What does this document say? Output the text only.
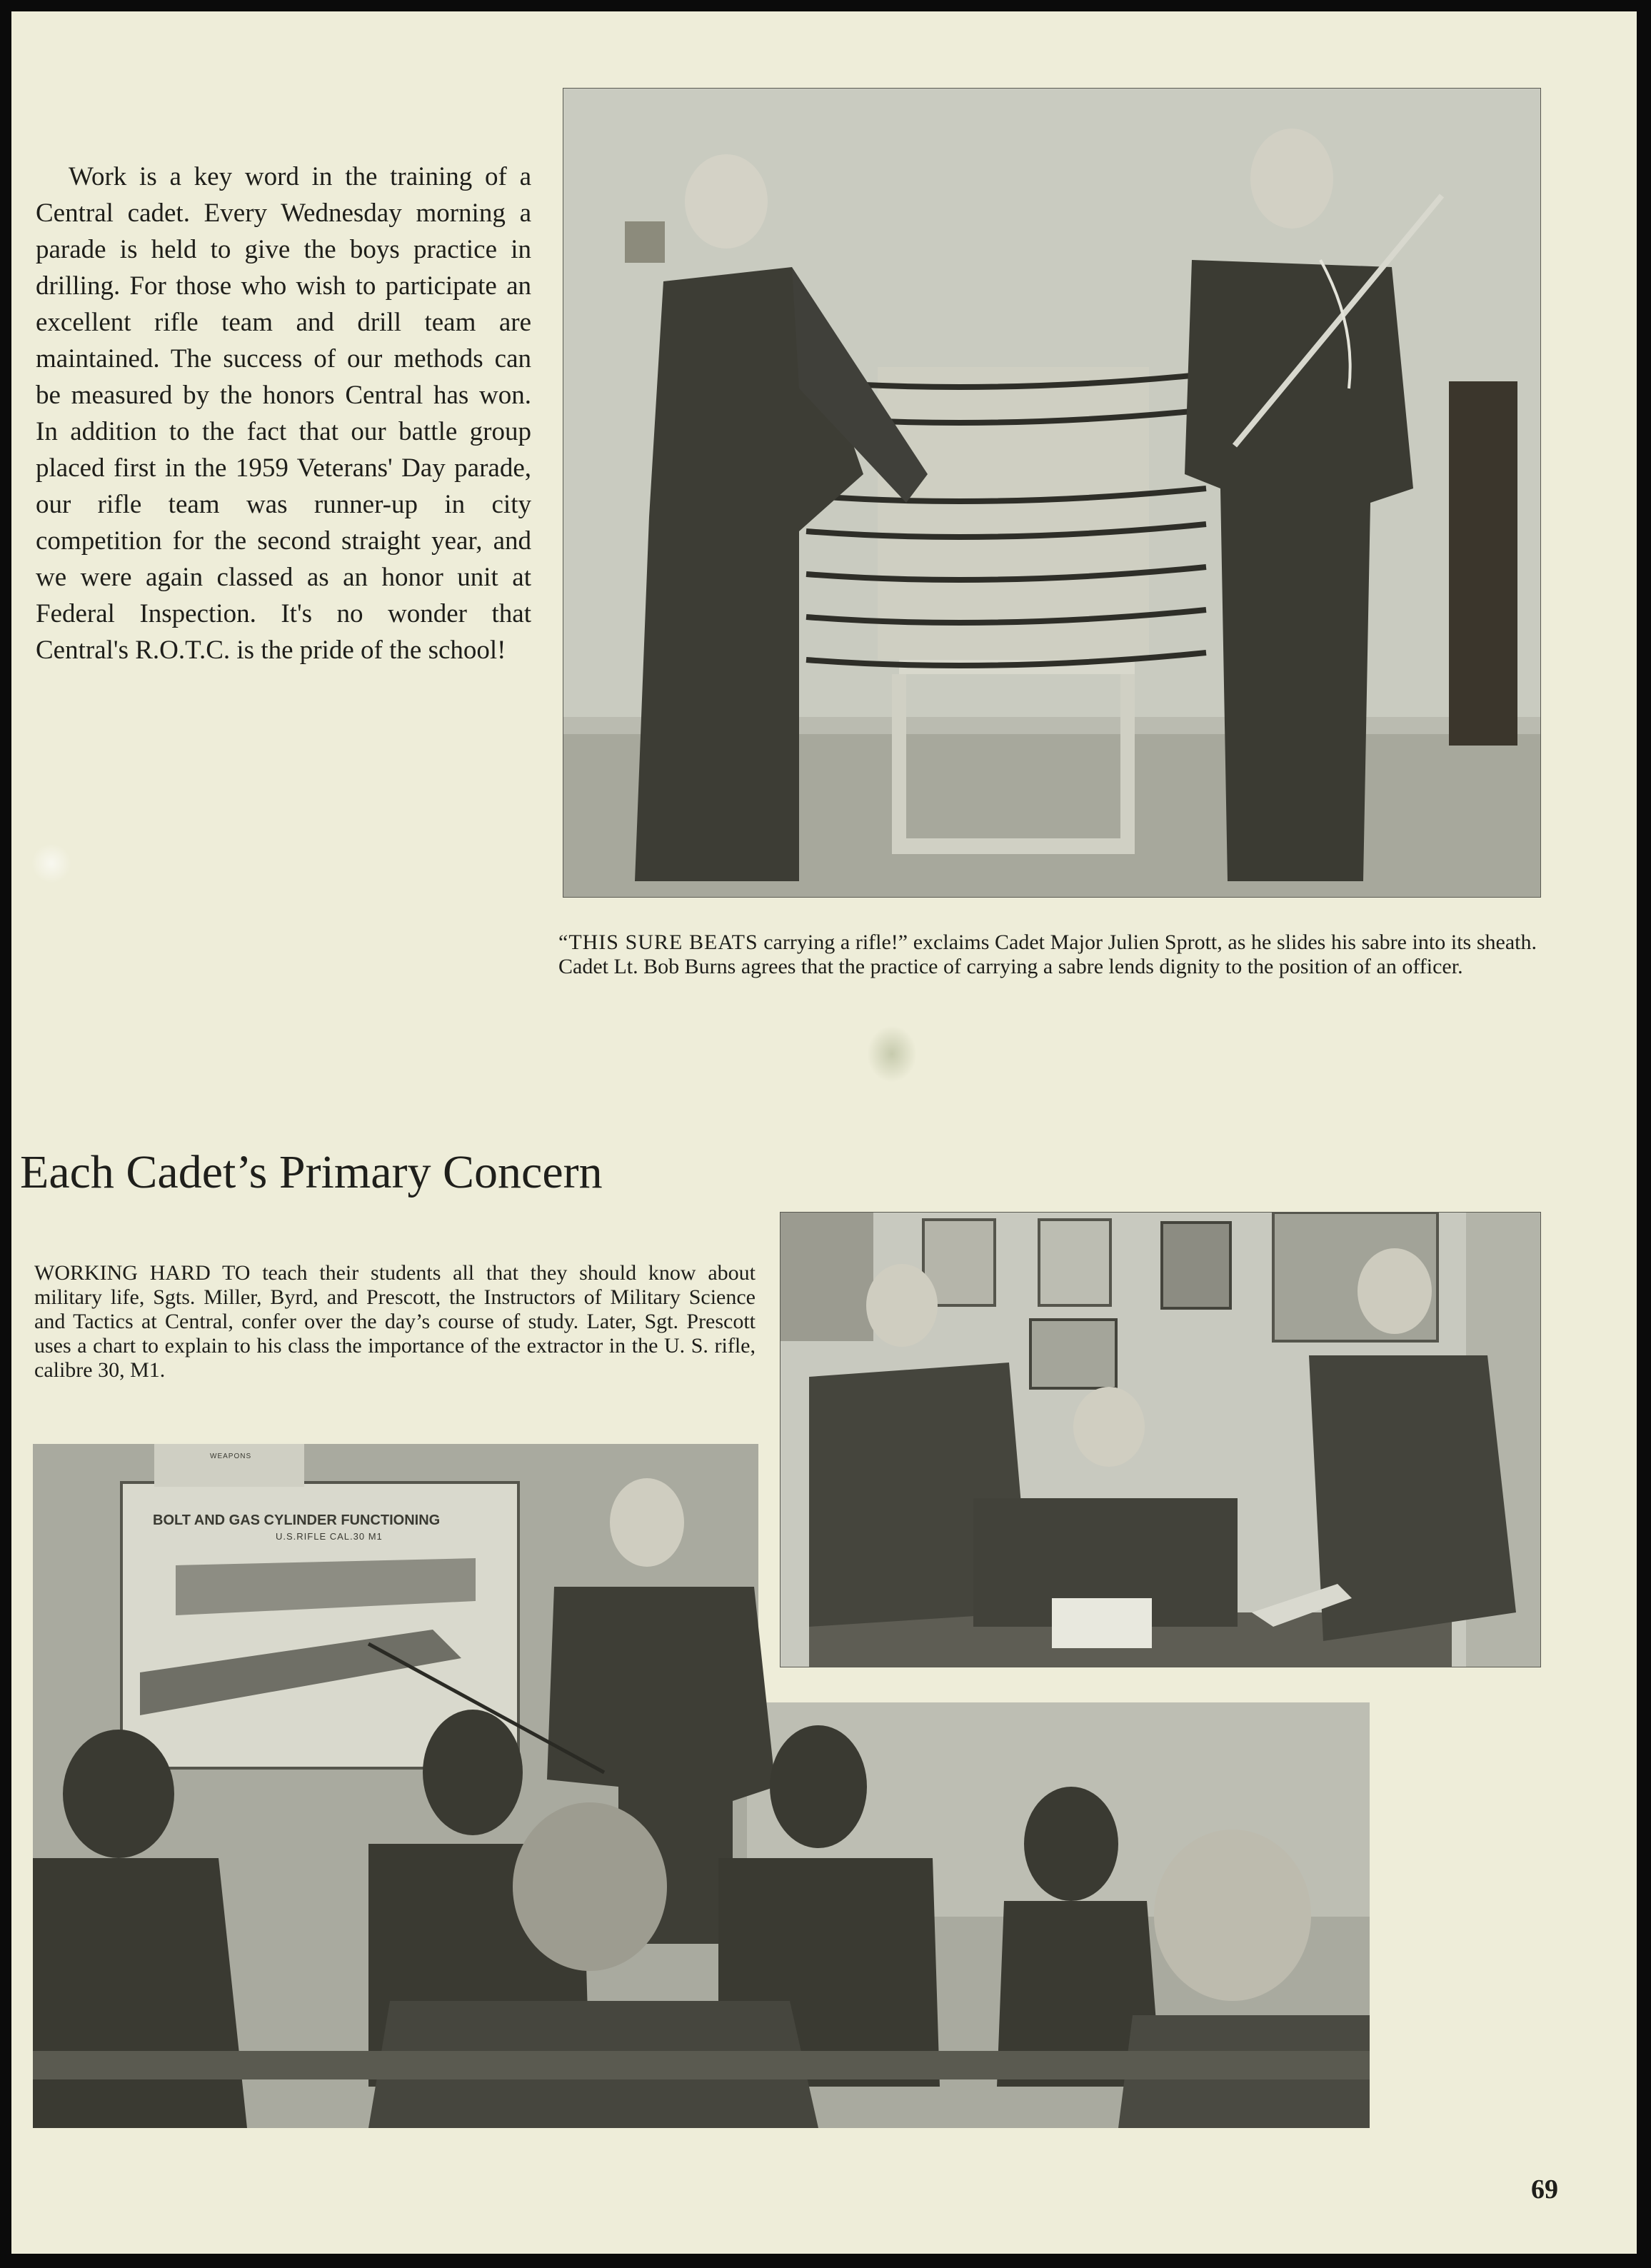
Work is a key word in the training of a Central cadet. Every Wednesday morning a parade is held to give the boys practice in drilling. For those who wish to participate an excellent rifle team and drill team are maintained. The success of our methods can be measured by the honors Central has won. In addition to the fact that our battle group placed first in the 1959 Veterans' Day parade, our rifle team was runner-up in city competition for the second straight year, and we were again classed as an honor unit at Federal Inspection. It's no wonder that Central's R.O.T.C. is the pride of the school!

“THIS SURE BEATS carrying a rifle!” exclaims Cadet Major Julien Sprott, as he slides his sabre into its sheath. Cadet Lt. Bob Burns agrees that the practice of carrying a sabre lends dignity to the position of an officer.

Each Cadet’s Primary Concern

WORKING HARD TO teach their students all that they should know about military life, Sgts. Miller, Byrd, and Prescott, the Instructors of Military Science and Tactics at Central, confer over the day’s course of study. Later, Sgt. Prescott uses a chart to explain to his class the importance of the extractor in the U. S. rifle, calibre 30, M1.

WEAPONS
BOLT AND GAS CYLINDER FUNCTIONING
U.S.RIFLE CAL.30 M1
69
